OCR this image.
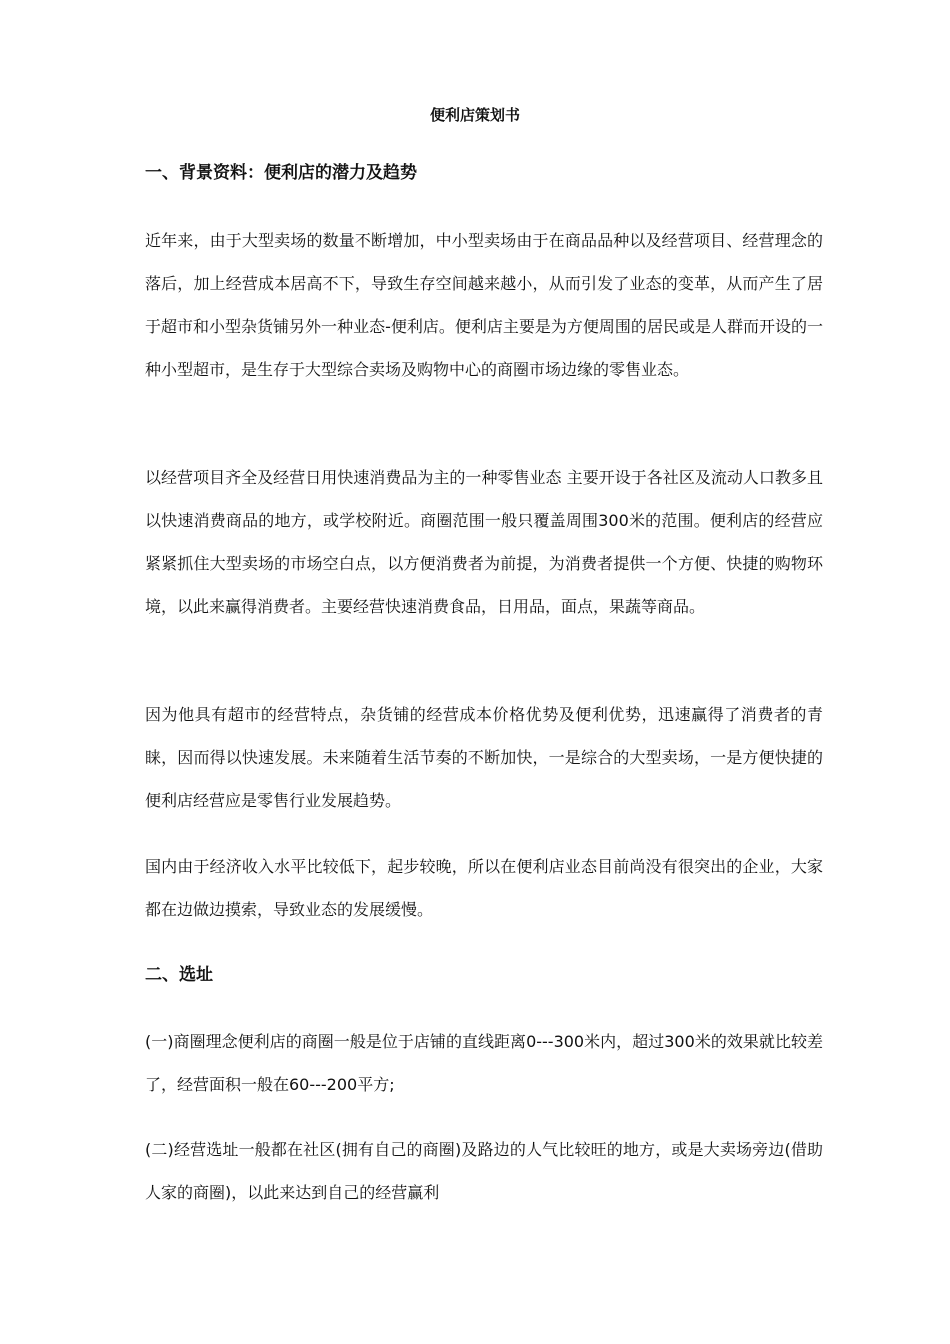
便利店策划书
一、背景资料：便利店的潜力及趋势
近年来，由于大型卖场的数量不断增加，中小型卖场由于在商品品种以及经营项目、经营理念的落后，加上经营成本居高不下，导致生存空间越来越小，从而引发了业态的变革，从而产生了居于超市和小型杂货铺另外一种业态-便利店。便利店主要是为方便周围的居民或是人群而开设的一种小型超市，是生存于大型综合卖场及购物中心的商圈市场边缘的零售业态。
以经营项目齐全及经营日用快速消费品为主的一种零售业态 主要开设于各社区及流动人口教多且以快速消费商品的地方，或学校附近。商圈范围一般只覆盖周围300米的范围。便利店的经营应紧紧抓住大型卖场的市场空白点，以方便消费者为前提，为消费者提供一个方便、快捷的购物环境，以此来赢得消费者。主要经营快速消费食品，日用品，面点，果蔬等商品。
因为他具有超市的经营特点，杂货铺的经营成本价格优势及便利优势，迅速赢得了消费者的青睐，因而得以快速发展。未来随着生活节奏的不断加快，一是综合的大型卖场，一是方便快捷的便利店经营应是零售行业发展趋势。
国内由于经济收入水平比较低下，起步较晚，所以在便利店业态目前尚没有很突出的企业，大家都在边做边摸索，导致业态的发展缓慢。
二、选址
(一)商圈理念便利店的商圈一般是位于店铺的直线距离0---300米内，超过300米的效果就比较差了，经营面积一般在60---200平方;
(二)经营选址一般都在社区(拥有自己的商圈)及路边的人气比较旺的地方，或是大卖场旁边(借助人家的商圈)，以此来达到自己的经营赢利
